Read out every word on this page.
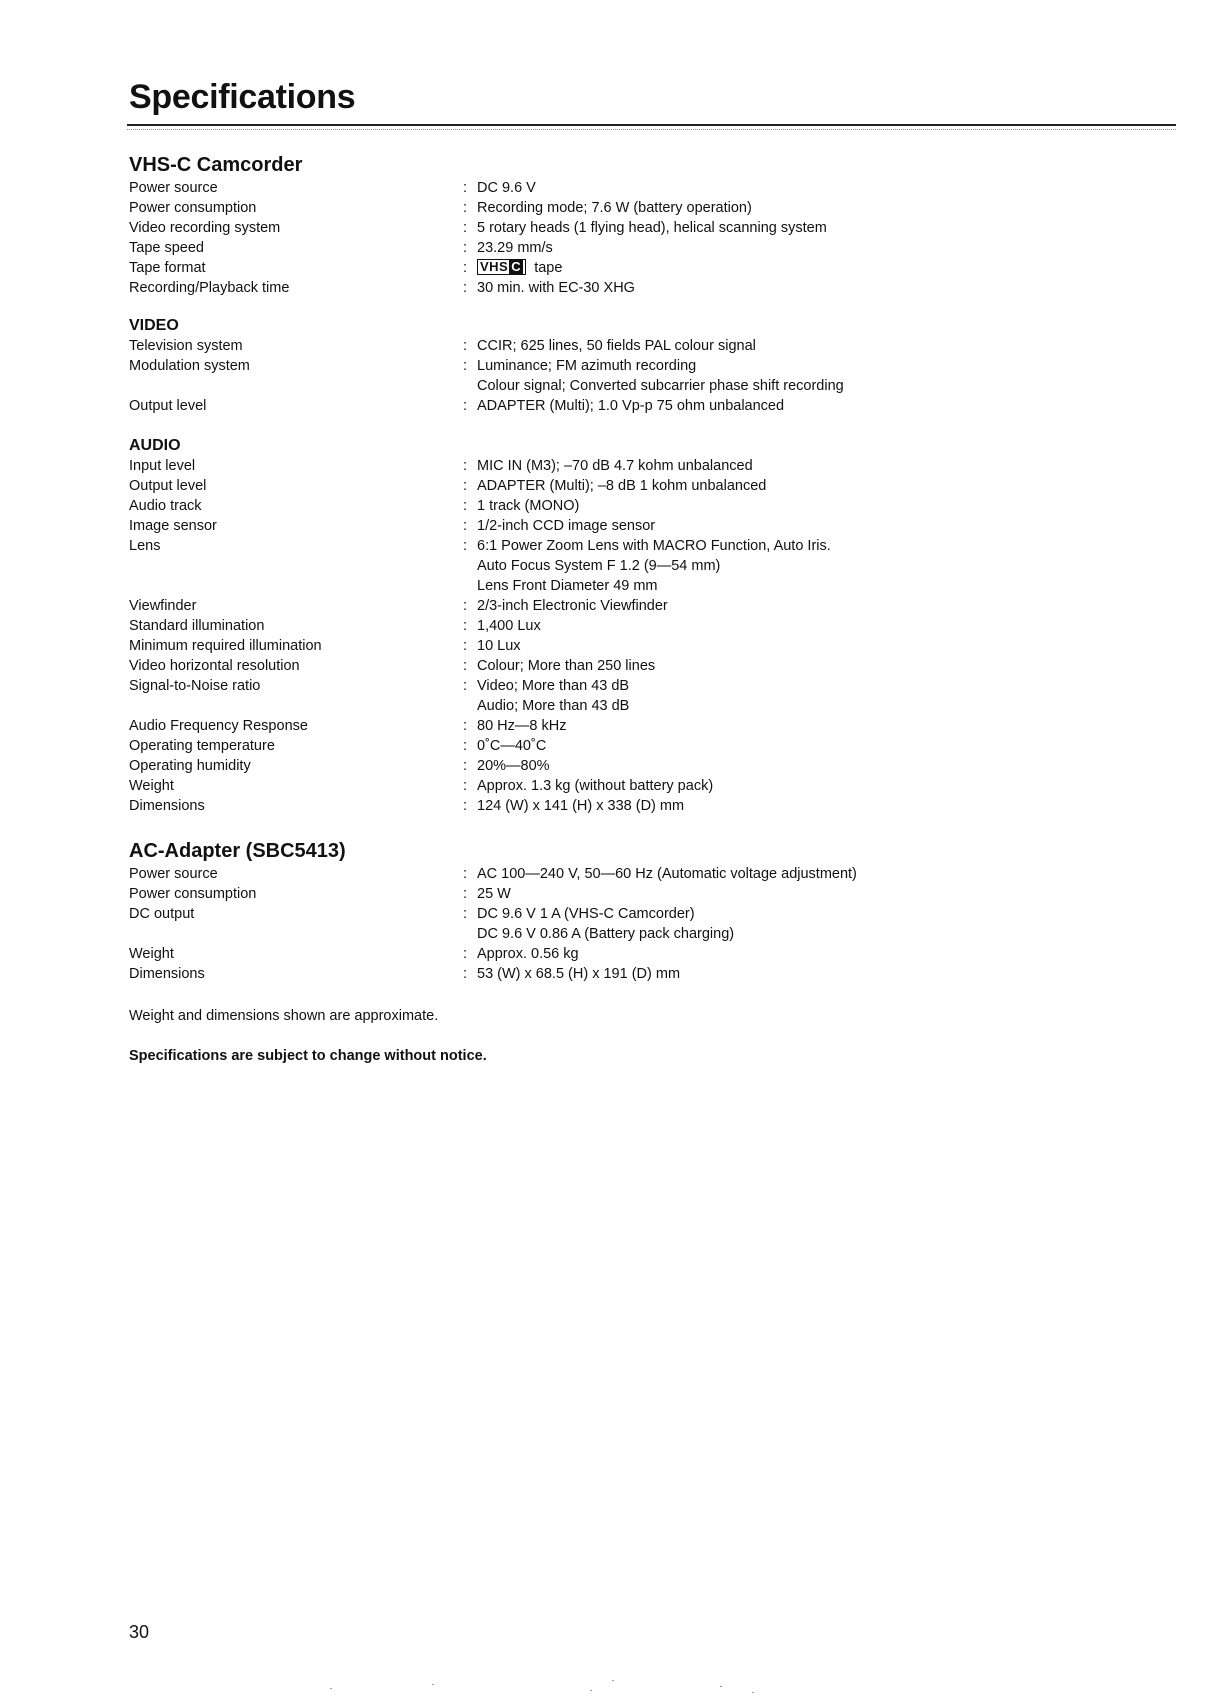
Specifications
VHS-C Camcorder
Power source	: DC 9.6 V
Power consumption	: Recording mode; 7.6 W (battery operation)
Video recording system	: 5 rotary heads (1 flying head), helical scanning system
Tape speed	: 23.29 mm/s
Tape format	: VHS C tape
Recording/Playback time	: 30 min. with EC-30 XHG
VIDEO
Television system	: CCIR; 625 lines, 50 fields PAL colour signal
Modulation system	: Luminance; FM azimuth recording
Colour signal; Converted subcarrier phase shift recording
Output level	: ADAPTER (Multi); 1.0 Vp-p 75 ohm unbalanced
AUDIO
Input level	: MIC IN (M3); –70 dB 4.7 kohm unbalanced
Output level	: ADAPTER (Multi); –8 dB 1 kohm unbalanced
Audio track	: 1 track (MONO)
Image sensor	: 1/2-inch CCD image sensor
Lens	: 6:1 Power Zoom Lens with MACRO Function, Auto Iris.
Auto Focus System F 1.2 (9—54 mm)
Lens Front Diameter 49 mm
Viewfinder	: 2/3-inch Electronic Viewfinder
Standard illumination	: 1,400 Lux
Minimum required illumination	: 10 Lux
Video horizontal resolution	: Colour; More than 250 lines
Signal-to-Noise ratio	: Video; More than 43 dB
Audio; More than 43 dB
Audio Frequency Response	: 80 Hz—8 kHz
Operating temperature	: 0˚C—40˚C
Operating humidity	: 20%—80%
Weight	: Approx. 1.3 kg (without battery pack)
Dimensions	: 124 (W) x 141 (H) x 338 (D) mm
AC-Adapter (SBC5413)
Power source	: AC 100—240 V, 50—60 Hz (Automatic voltage adjustment)
Power consumption	: 25 W
DC output	: DC 9.6 V 1 A (VHS-C Camcorder)
DC 9.6 V 0.86 A (Battery pack charging)
Weight	: Approx. 0.56 kg
Dimensions	: 53 (W) x 68.5 (H) x 191 (D) mm

Weight and dimensions shown are approximate.

Specifications are subject to change without notice.

30
